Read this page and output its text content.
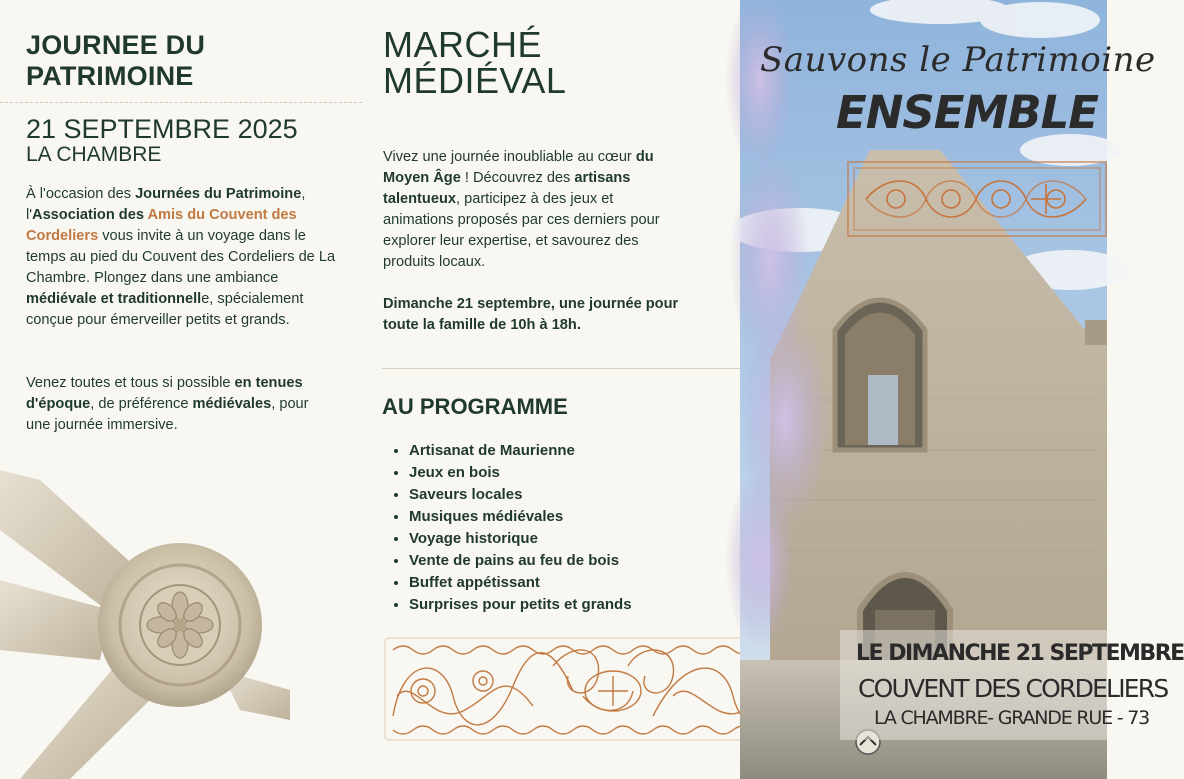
JOURNEE DU PATRIMOINE
21 SEPTEMBRE 2025
LA CHAMBRE
À l'occasion des Journées du Patrimoine, l'Association des Amis du Couvent des Cordeliers vous invite à un voyage dans le temps au pied du Couvent des Cordeliers de La Chambre. Plongez dans une ambiance médiévale et traditionnelle, spécialement conçue pour émerveiller petits et grands.
Venez toutes et tous si possible en tenues d'époque, de préférence médiévales, pour une journée immersive.
MARCHÉ
MÉDIÉVAL
Vivez une journée inoubliable au cœur du Moyen Âge ! Découvrez des artisans talentueux, participez à des jeux et animations proposés par ces derniers pour explorer leur expertise, et savourez des produits locaux.
Dimanche 21 septembre, une journée pour toute la famille de 10h à 18h.
AU PROGRAMME
• Artisanat de Maurienne
• Jeux en bois
• Saveurs locales
• Musiques médiévales
• Voyage historique
• Vente de pains au feu de bois
• Buffet appétissant
• Surprises pour petits et grands
Sauvons le Patrimoine
ENSEMBLE
LE DIMANCHE 21 SEPTEMBRE
COUVENT DES CORDELIERS
LA CHAMBRE- GRANDE RUE - 73
